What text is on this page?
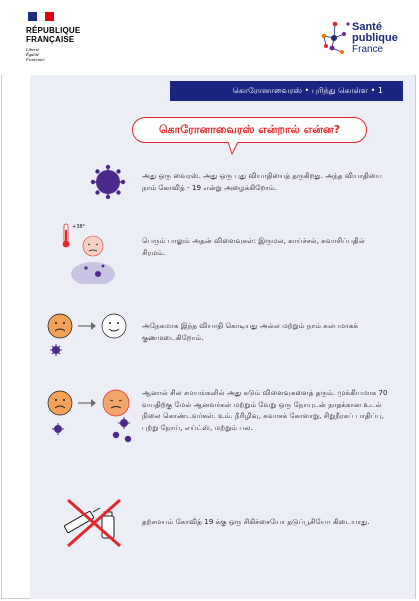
RÉPUBLIQUE
FRANÇAISE
Liberté
Égalité
Fraternité
Santé
publique
France
கொரோனாவைரஸ் • புரிந்து கொள்ள • 1
கொரோனாவைரஸ் என்றால் என்ன?
அது ஒரு வைரஸ். அது ஒரு புது வியாதியைத் தருகிறது. அந்த வியாதியை நாம் கோவித் - 19 என்று அழைக்கிறோம்.
+38°
பெரும் பாலும் அதன் விளைவுகள்: இருமல, காய்ச்சல், சுவாசிப்பதில் சிரமம்.
அநேகமாக இந்த வியாதி கொடியது அல்ல மற்றும் நாம் சுலபமாகக் குணமடைகிறோம்.
ஆனால் சில சமயங்களில் அது கடும் விளைவுகளைத் தரும். முக்கியமாக 70 வயதிற்கு மேல் ஆனவர்கள் மற்றும் வேறு ஒரு நோயுடன் நாதக்கான உடல் நிலை கொண்டவர்கள். உம். நீரிழிவு, சுவாசக் கோளாறு, சிறுநீரகப் பாதிப்பு, புற்று நோய், எய்ட்ஸ், மற்றும் பல.
தற்சமயம் கோவித் 19 க்கு ஒரு சிகிச்சையோ தடுப்பூசியோ கிடையாது.
